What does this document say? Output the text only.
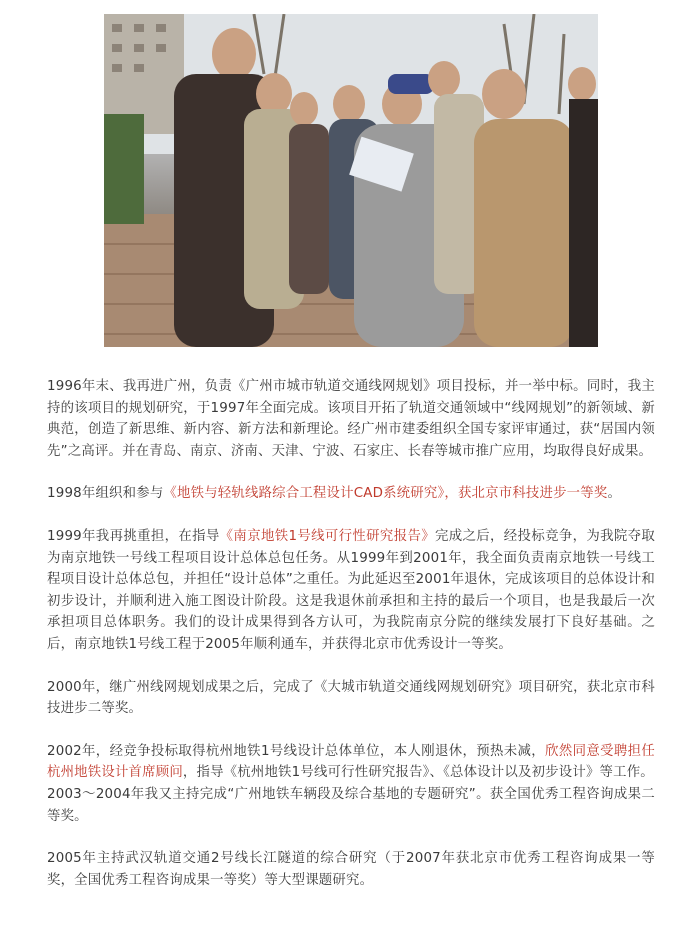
1996年末、我再进广州，负责《广州市城市轨道交通线网规划》项目投标，并一举中标。同时，我主持的该项目的规划研究，于1997年全面完成。该项目开拓了轨道交通领域中“线网规划”的新领域、新典范，创造了新思维、新内容、新方法和新理论。经广州市建委组织全国专家评审通过，获“居国内领先”之高评。并在青岛、南京、济南、天津、宁波、石家庄、长春等城市推广应用，均取得良好成果。

1998年组织和参与《地铁与轻轨线路综合工程设计CAD系统研究》，获北京市科技进步一等奖。

1999年我再挑重担，在指导《南京地铁1号线可行性研究报告》完成之后，经投标竞争，为我院夺取为南京地铁一号线工程项目设计总体总包任务。从1999年到2001年，我全面负责南京地铁一号线工程项目设计总体总包，并担任“设计总体”之重任。为此延迟至2001年退休，完成该项目的总体设计和初步设计，并顺利进入施工图设计阶段。这是我退休前承担和主持的最后一个项目，也是我最后一次承担项目总体职务。我们的设计成果得到各方认可，为我院南京分院的继续发展打下良好基础。之后，南京地铁1号线工程于2005年顺利通车，并获得北京市优秀设计一等奖。

2000年，继广州线网规划成果之后，完成了《大城市轨道交通线网规划研究》项目研究，获北京市科技进步二等奖。

2002年，经竞争投标取得杭州地铁1号线设计总体单位，本人刚退休，预热未减，欣然同意受聘担任杭州地铁设计首席顾问，指导《杭州地铁1号线可行性研究报告》、《总体设计以及初步设计》等工作。

2003～2004年我又主持完成“广州地铁车辆段及综合基地的专题研究”。获全国优秀工程咨询成果二等奖。

2005年主持武汉轨道交通2号线长江隧道的综合研究（于2007年获北京市优秀工程咨询成果一等奖，全国优秀工程咨询成果一等奖）等大型课题研究。
